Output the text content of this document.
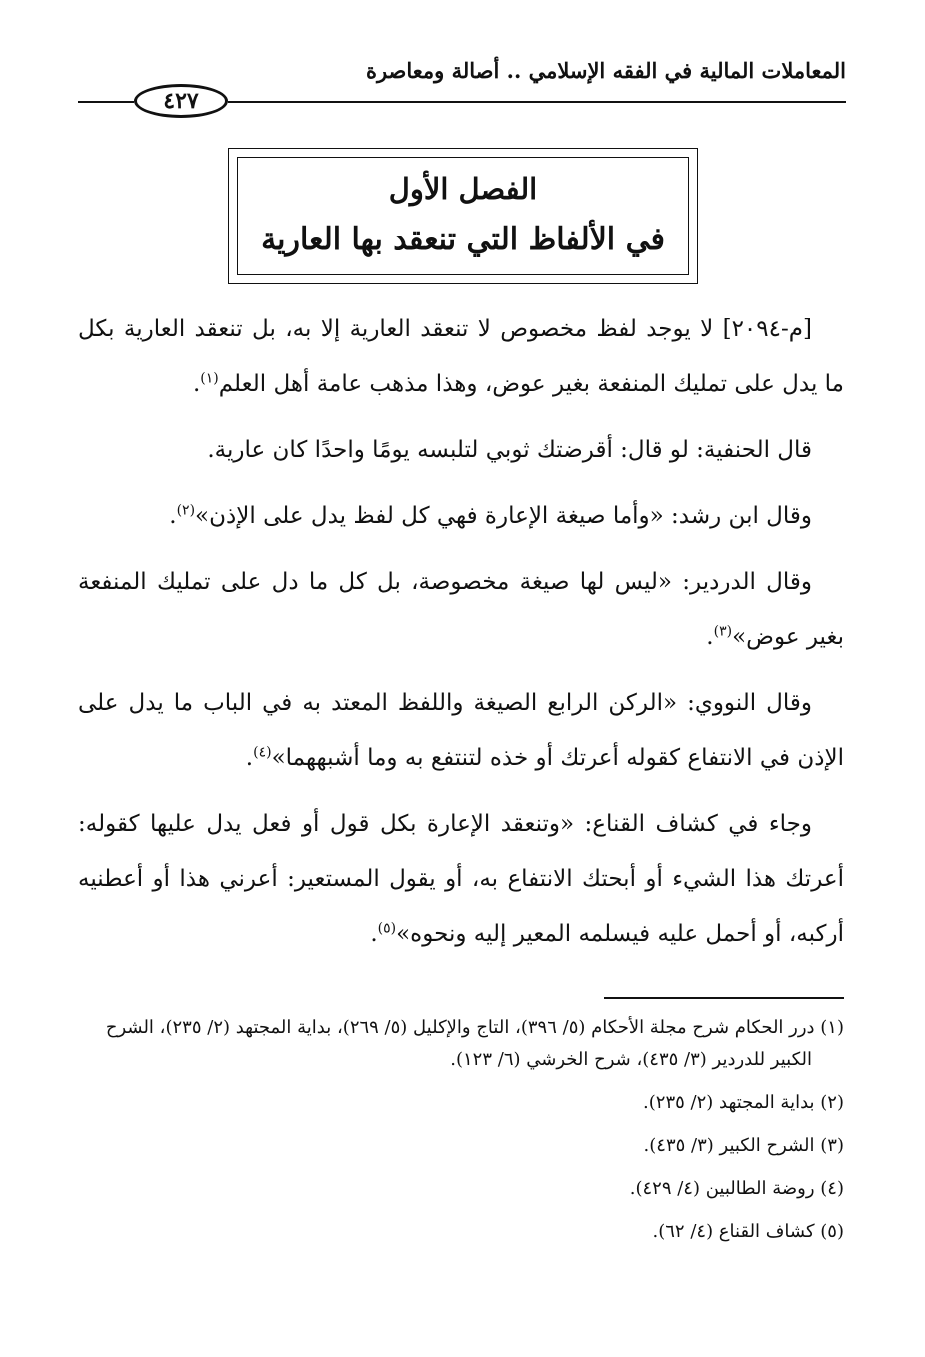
المعاملات المالية في الفقه الإسلامي .. أصالة ومعاصرة
٤٢٧
الفصل الأول
في الألفاظ التي تنعقد بها العارية

[م-٢٠٩٤] لا يوجد لفظ مخصوص لا تنعقد العارية إلا به، بل تنعقد العارية بكل ما يدل على تمليك المنفعة بغير عوض، وهذا مذهب عامة أهل العلم$^{(١)}$.

قال الحنفية: لو قال: أقرضتك ثوبي لتلبسه يومًا واحدًا كان عارية.

وقال ابن رشد: «وأما صيغة الإعارة فهي كل لفظ يدل على الإذن»$^{(٢)}$.

وقال الدردير: «ليس لها صيغة مخصوصة، بل كل ما دل على تمليك المنفعة بغير عوض»$^{(٣)}$.

وقال النووي: «الركن الرابع الصيغة واللفظ المعتد به في الباب ما يدل على الإذن في الانتفاع كقوله أعرتك أو خذه لتنتفع به وما أشبههما»$^{(٤)}$.

وجاء في كشاف القناع: «وتنعقد الإعارة بكل قول أو فعل يدل عليها كقوله: أعرتك هذا الشيء أو أبحتك الانتفاع به، أو يقول المستعير: أعرني هذا أو أعطنيه أركبه، أو أحمل عليه فيسلمه المعير إليه ونحوه»$^{(٥)}$.

(١) درر الحكام شرح مجلة الأحكام (٥/ ٣٩٦)، التاج والإكليل (٥/ ٢٦٩)، بداية المجتهد (٢/ ٢٣٥)، الشرح الكبير للدردير (٣/ ٤٣٥)، شرح الخرشي (٦/ ١٢٣).
(٢) بداية المجتهد (٢/ ٢٣٥).
(٣) الشرح الكبير (٣/ ٤٣٥).
(٤) روضة الطالبين (٤/ ٤٢٩).
(٥) كشاف القناع (٤/ ٦٢).
